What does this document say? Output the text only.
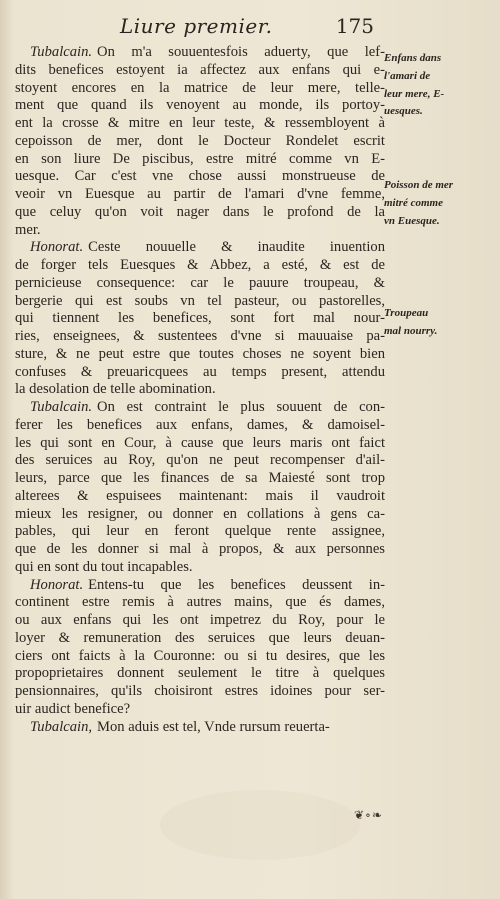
Liure premier.	175
Tubalcain. On m'a souuentesfois aduerty, que lef-
dits benefices estoyent ia affectez aux enfans qui e-
stoyent encores en la matrice de leur mere, telle-
ment que quand ils venoyent au monde, ils portoy-
ent la crosse & mitre en leur teste, & ressembloyent à
cepoisson de mer, dont le Docteur Rondelet escrit
en son liure De piscibus, estre mitré comme vn E-
uesque. Car c'est vne chose aussi monstrueuse de
veoir vn Euesque au partir de l'amari d'vne femme,
que celuy qu'on voit nager dans le profond de la
mer.
Honorat. Ceste nouuelle & inaudite inuention
de forger tels Euesques & Abbez, a esté, & est de
pernicieuse consequence: car le pauure troupeau, &
bergerie qui est soubs vn tel pasteur, ou pastorelles,
qui tiennent les benefices, sont fort mal nour-
ries, enseignees, & sustentees d'vne si mauuaise pa-
sture, & ne peut estre que toutes choses ne soyent bien
confuses & preuaricquees au temps present, attendu
la desolation de telle abomination.
Tubalcain. On est contraint le plus souuent de con-
ferer les benefices aux enfans, dames, & damoisel-
les qui sont en Cour, à cause que leurs maris ont faict
des seruices au Roy, qu'on ne peut recompenser d'ail-
leurs, parce que les finances de sa Maiesté sont trop
alterees & espuisees maintenant: mais il vaudroit
mieux les resigner, ou donner en collations à gens ca-
pables, qui leur en feront quelque rente assignee,
que de les donner si mal à propos, & aux personnes
qui en sont du tout incapables.
Honorat. Entens-tu que les benefices deussent in-
continent estre remis à autres mains, que és dames,
ou aux enfans qui les ont impetrez du Roy, pour le
loyer & remuneration des seruices que leurs deuan-
ciers ont faicts à la Couronne: ou si tu desires, que les
propoprietaires donnent seulement le titre à quelques
pensionnaires, qu'ils choisiront estres idoines pour ser-
uir audict benefice?
Tubalcain, Mon aduis est tel, Vnde rursum reuerta-
Enfans dans
l'amari de
leur mere, E-
uesques.
Poisson de mer
mitré comme
vn Euesque.
Troupeau
mal nourry.
❦∘❧
